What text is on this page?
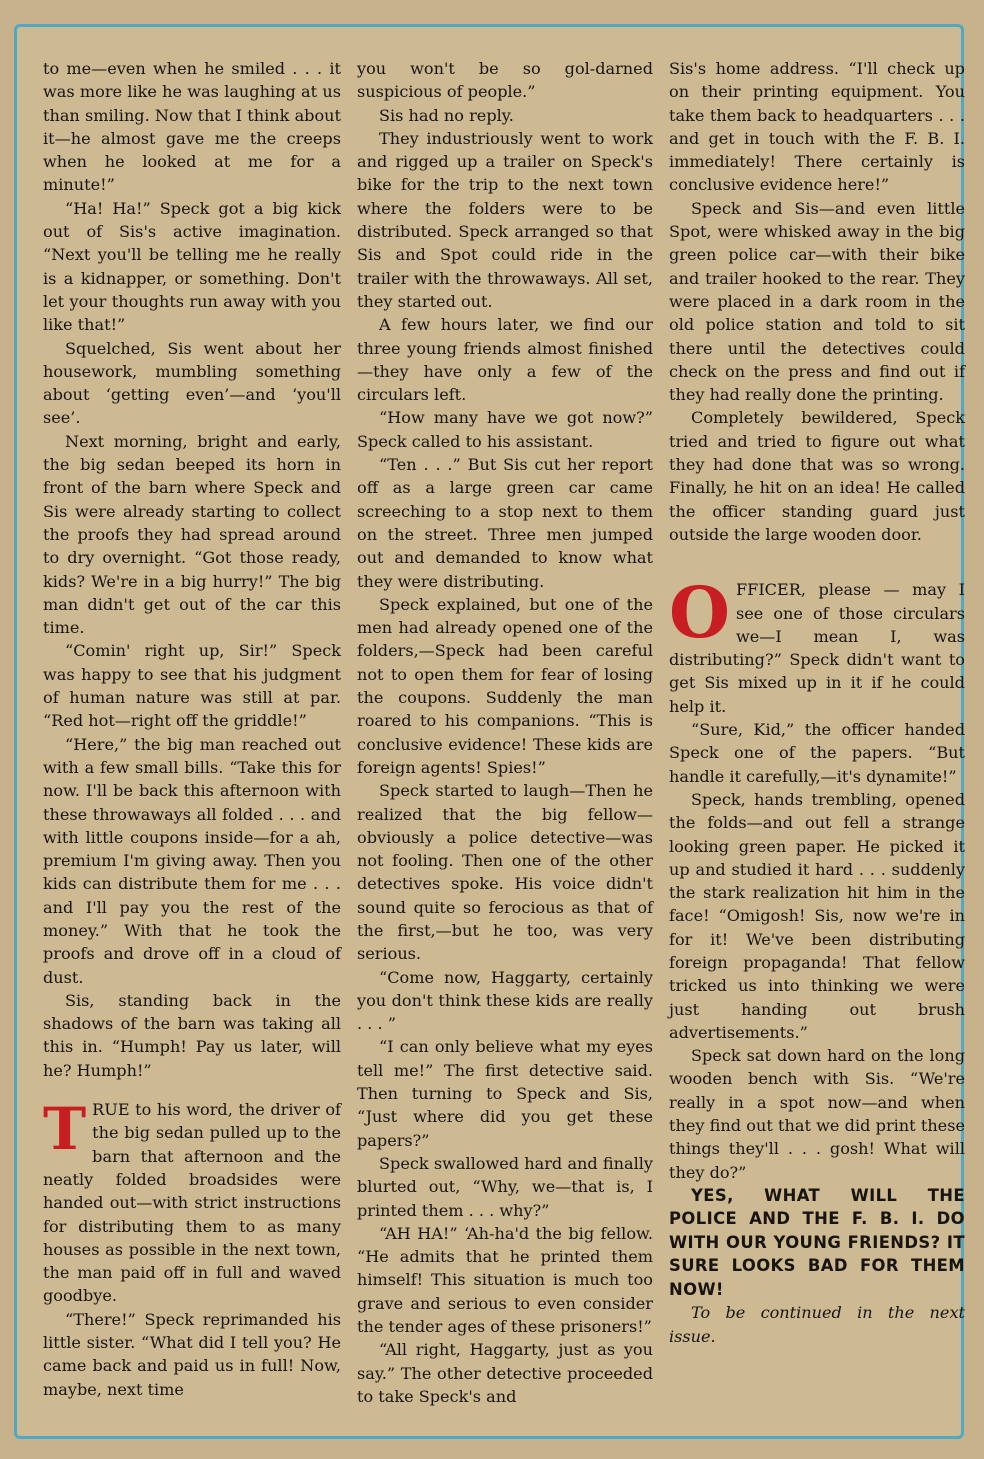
to me—even when he smiled . . . it was more like he was laughing at us than smiling. Now that I think about it—he almost gave me the creeps when he looked at me for a minute!”

“Ha! Ha!” Speck got a big kick out of Sis's active imagination. “Next you'll be telling me he really is a kidnapper, or something. Don't let your thoughts run away with you like that!”

Squelched, Sis went about her housework, mumbling something about ‘getting even’—and ‘you'll see’.

Next morning, bright and early, the big sedan beeped its horn in front of the barn where Speck and Sis were already starting to collect the proofs they had spread around to dry overnight. “Got those ready, kids? We're in a big hurry!” The big man didn't get out of the car this time.

“Comin' right up, Sir!” Speck was happy to see that his judgment of human nature was still at par. “Red hot—right off the griddle!”

“Here,” the big man reached out with a few small bills. “Take this for now. I'll be back this afternoon with these throwaways all folded . . . and with little coupons inside—for a ah, premium I'm giving away. Then you kids can distribute them for me . . . and I'll pay you the rest of the money.” With that he took the proofs and drove off in a cloud of dust.

Sis, standing back in the shadows of the barn was taking all this in. “Humph! Pay us later, will he? Humph!”

TRUE to his word, the driver of the big sedan pulled up to the barn that afternoon and the neatly folded broadsides were handed out—with strict instructions for distributing them to as many houses as possible in the next town, the man paid off in full and waved goodbye.

“There!” Speck reprimanded his little sister. “What did I tell you? He came back and paid us in full! Now, maybe, next time

you won't be so gol-darned suspicious of people.”

Sis had no reply.

They industriously went to work and rigged up a trailer on Speck's bike for the trip to the next town where the folders were to be distributed. Speck arranged so that Sis and Spot could ride in the trailer with the throwaways. All set, they started out.

A few hours later, we find our three young friends almost finished—they have only a few of the circulars left.

“How many have we got now?” Speck called to his assistant.

“Ten . . .” But Sis cut her report off as a large green car came screeching to a stop next to them on the street. Three men jumped out and demanded to know what they were distributing.

Speck explained, but one of the men had already opened one of the folders,—Speck had been careful not to open them for fear of losing the coupons. Suddenly the man roared to his companions. “This is conclusive evidence! These kids are foreign agents! Spies!”

Speck started to laugh—Then he realized that the big fellow—obviously a police detective—was not fooling. Then one of the other detectives spoke. His voice didn't sound quite so ferocious as that of the first,—but he too, was very serious.

“Come now, Haggarty, certainly you don't think these kids are really . . . ”

“I can only believe what my eyes tell me!” The first detective said. Then turning to Speck and Sis, “Just where did you get these papers?”

Speck swallowed hard and finally blurted out, “Why, we—that is, I printed them . . . why?”

“AH HA!” ‘Ah-ha'd the big fellow. “He admits that he printed them himself! This situation is much too grave and serious to even consider the tender ages of these prisoners!”

“All right, Haggarty, just as you say.” The other detective proceeded to take Speck's and

Sis's home address. “I'll check up on their printing equipment. You take them back to headquarters . . . and get in touch with the F. B. I. immediately! There certainly is conclusive evidence here!”

Speck and Sis—and even little Spot, were whisked away in the big green police car—with their bike and trailer hooked to the rear. They were placed in a dark room in the old police station and told to sit there until the detectives could check on the press and find out if they had really done the printing.

Completely bewildered, Speck tried and tried to figure out what they had done that was so wrong. Finally, he hit on an idea! He called the officer standing guard just outside the large wooden door.

OFFICER, please — may I see one of those circulars we—I mean I, was distributing?” Speck didn't want to get Sis mixed up in it if he could help it.

“Sure, Kid,” the officer handed Speck one of the papers. “But handle it carefully,—it's dynamite!”

Speck, hands trembling, opened the folds—and out fell a strange looking green paper. He picked it up and studied it hard . . . suddenly the stark realization hit him in the face! “Omigosh! Sis, now we're in for it! We've been distributing foreign propaganda! That fellow tricked us into thinking we were just handing out brush advertisements.”

Speck sat down hard on the long wooden bench with Sis. “We're really in a spot now—and when they find out that we did print these things they'll . . . gosh! What will they do?”

YES, WHAT WILL THE POLICE AND THE F. B. I. DO WITH OUR YOUNG FRIENDS? IT SURE LOOKS BAD FOR THEM NOW!

To be continued in the next issue.
